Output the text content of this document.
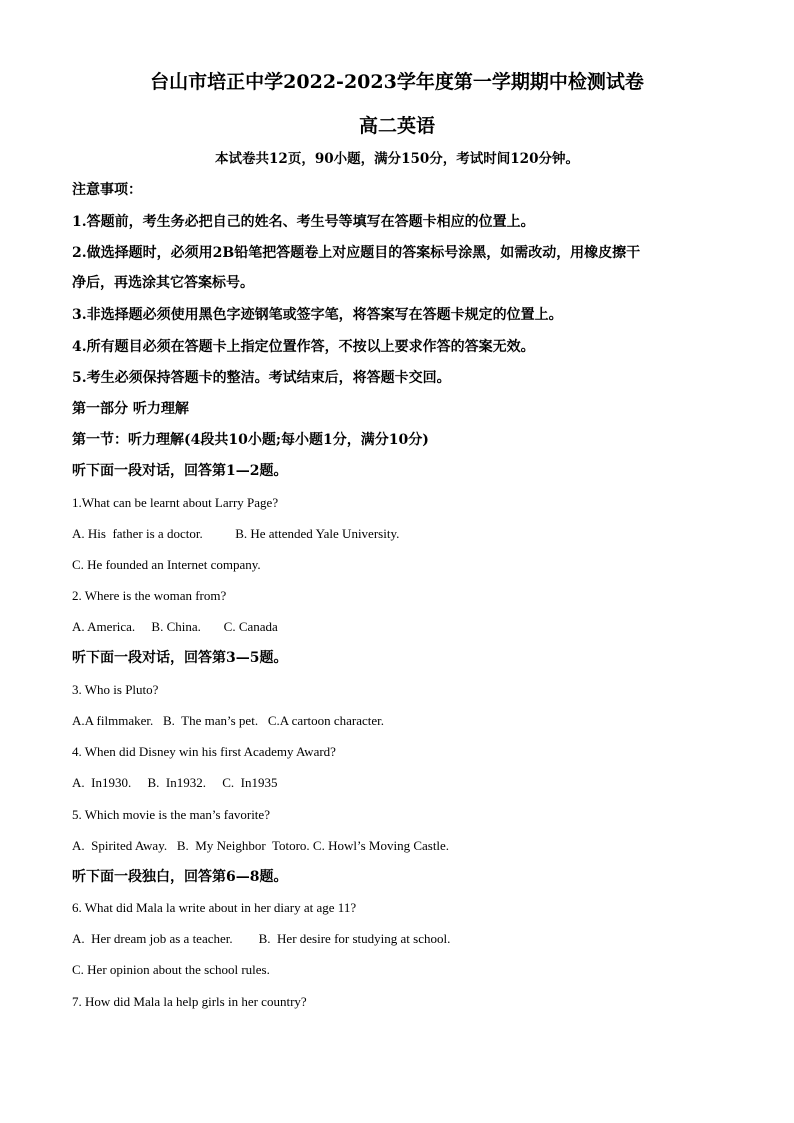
台山市培正中学2022-2023学年度第一学期期中检测试卷
高二英语
本试卷共12页，90小题，满分150分，考试时间120分钟。
注意事项：
1.答题前，考生务必把自己的姓名、考生号等填写在答题卡相应的位置上。
2.做选择题时，必须用2B铅笔把答题卷上对应题目的答案标号涂黑，如需改动，用橡皮擦干
净后，再选涂其它答案标号。
3.非选择题必须使用黑色字迹钢笔或签字笔，将答案写在答题卡规定的位置上。
4.所有题目必须在答题卡上指定位置作答，不按以上要求作答的答案无效。
5.考生必须保持答题卡的整洁。考试结束后，将答题卡交回。
第一部分 听力理解
第一节：听力理解(4段共10小题;每小题1分，满分10分)
听下面一段对话，回答第1—2题。
1.What can be learnt about Larry Page?
A. His  father is a doctor.          B. He attended Yale University.
C. He founded an Internet company.
2. Where is the woman from?
A. America.     B. China.       C. Canada
听下面一段对话，回答第3—5题。
3. Who is Pluto?
A.A filmmaker.   B.  The man’s pet.   C.A cartoon character.
4. When did Disney win his first Academy Award?
A.  In1930.     B.  In1932.     C.  In1935
5. Which movie is the man’s favorite?
A.  Spirited Away.   B.  My Neighbor  Totoro. C. Howl’s Moving Castle.
听下面一段独白，回答第6—8题。
6. What did Mala la write about in her diary at age 11?
A.  Her dream job as a teacher.        B.  Her desire for studying at school.
C. Her opinion about the school rules.
7. How did Mala la help girls in her country?
